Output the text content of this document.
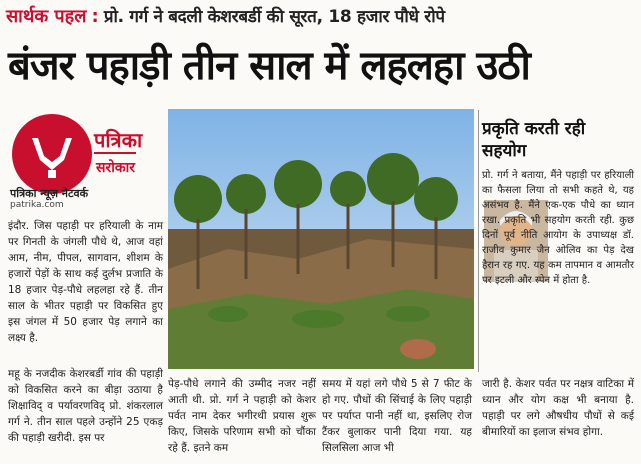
सार्थक पहल : प्रो. गर्ग ने बदली केशरबर्डी की सूरत, 18 हजार पौधे रोपे
बंजर पहाड़ी तीन साल में लहलहा उठी
पत्रिका
सरोकार
पत्रिका न्यूज़ नेटवर्क
patrika.com
इंदौर. जिस पहाड़ी पर हरियाली के नाम पर गिनती के जंगली पौधे थे, आज वहां आम, नीम, पीपल, सागवान, शीशम के हजारों पेड़ों के साथ कई दुर्लभ प्रजाति के 18 हजार पेड़-पौधे लहलहा रहे हैं. तीन साल के भीतर पहाड़ी पर विकसित हुए इस जंगल में 50 हजार पेड़ लगाने का लक्ष्य है.
महू के नजदीक केशरबर्डी गांव की पहाड़ी को विकसित करने का बीड़ा उठाया है शिक्षाविद् व पर्यावरणविद् प्रो. शंकरलाल गर्ग ने. तीन साल पहले उन्होंने 25 एकड़ की पहाड़ी खरीदी. इस पर
प्रकृति करती रही सहयोग
प्रो. गर्ग ने बताया, मैंने पहाड़ी पर हरियाली का फैसला लिया तो सभी कहते थे, यह असंभव है. मैंने एक-एक पौधे का ध्यान रखा. प्रकृति भी सहयोग करती रही. कुछ दिनों पूर्व नीति आयोग के उपाध्यक्ष डॉ. राजीव कुमार जैन ओलिव का पेड़ देख हैरान रह गए. यह कम तापमान व आमतौर पर इटली और स्पेन में होता है.
पेड़-पौधे लगाने की उम्मीद नजर नहीं आती थी. प्रो. गर्ग ने पहाड़ी को केशर पर्वत नाम देकर भगीरथी प्रयास शुरू किए, जिसके परिणाम सभी को चौंका रहे हैं. इतने कम
समय में यहां लगे पौधे 5 से 7 फीट के हो गए. पौधों की सिंचाई के लिए पहाड़ी पर पर्याप्त पानी नहीं था, इसलिए रोज टैंकर बुलाकर पानी दिया गया. यह सिलसिला आज भी
जारी है. केशर पर्वत पर नक्षत्र वाटिका में ध्यान और योग कक्ष भी बनाया है. पहाड़ी पर लगे औषधीय पौधों से कई बीमारियों का इलाज संभव होगा.
